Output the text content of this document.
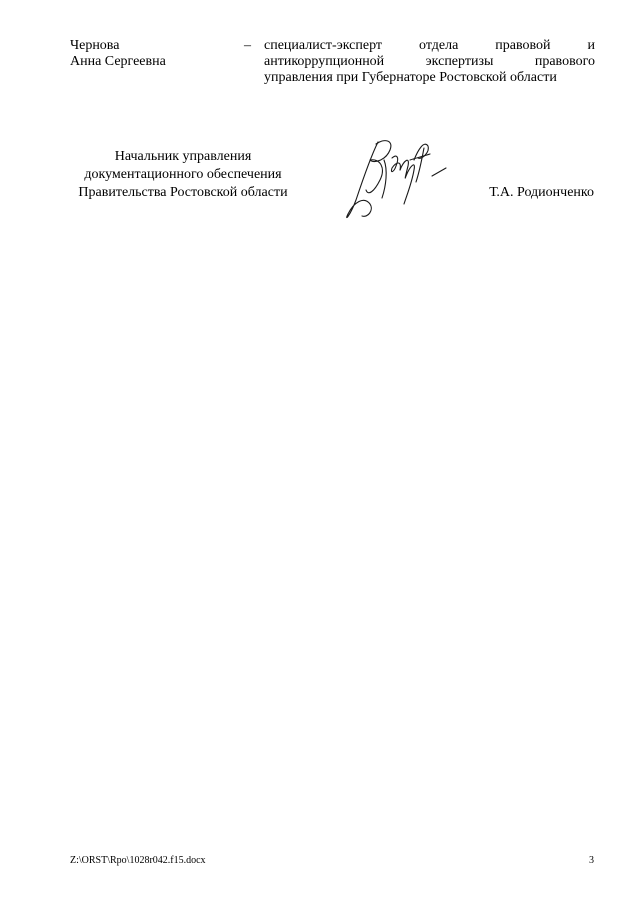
Чернова
Анна Сергеевна
– специалист-эксперт	отдела	правовой	и
антикоррупционной	экспертизы	правового
управления при Губернаторе Ростовской области
Начальник управления
документационного обеспечения
Правительства Ростовской области	Т.А. Родионченко
Z:\ORST\Rpo\1028r042.f15.docx	3
